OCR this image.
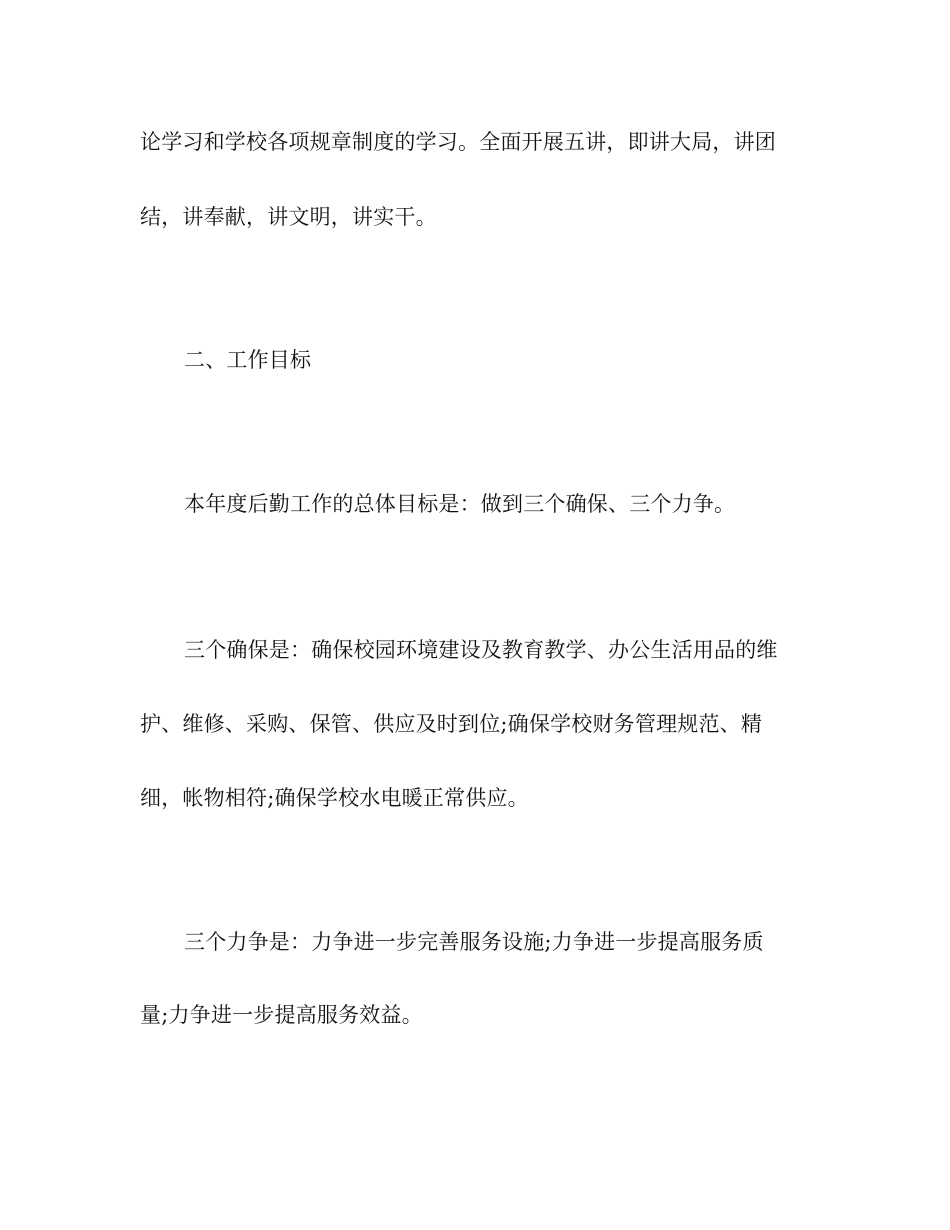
论学习和学校各项规章制度的学习。全面开展五讲，即讲大局，讲团
结，讲奉献，讲文明，讲实干。
二、工作目标
本年度后勤工作的总体目标是：做到三个确保、三个力争。
三个确保是：确保校园环境建设及教育教学、办公生活用品的维
护、维修、采购、保管、供应及时到位;确保学校财务管理规范、精
细，帐物相符;确保学校水电暖正常供应。
三个力争是：力争进一步完善服务设施;力争进一步提高服务质
量;力争进一步提高服务效益。
